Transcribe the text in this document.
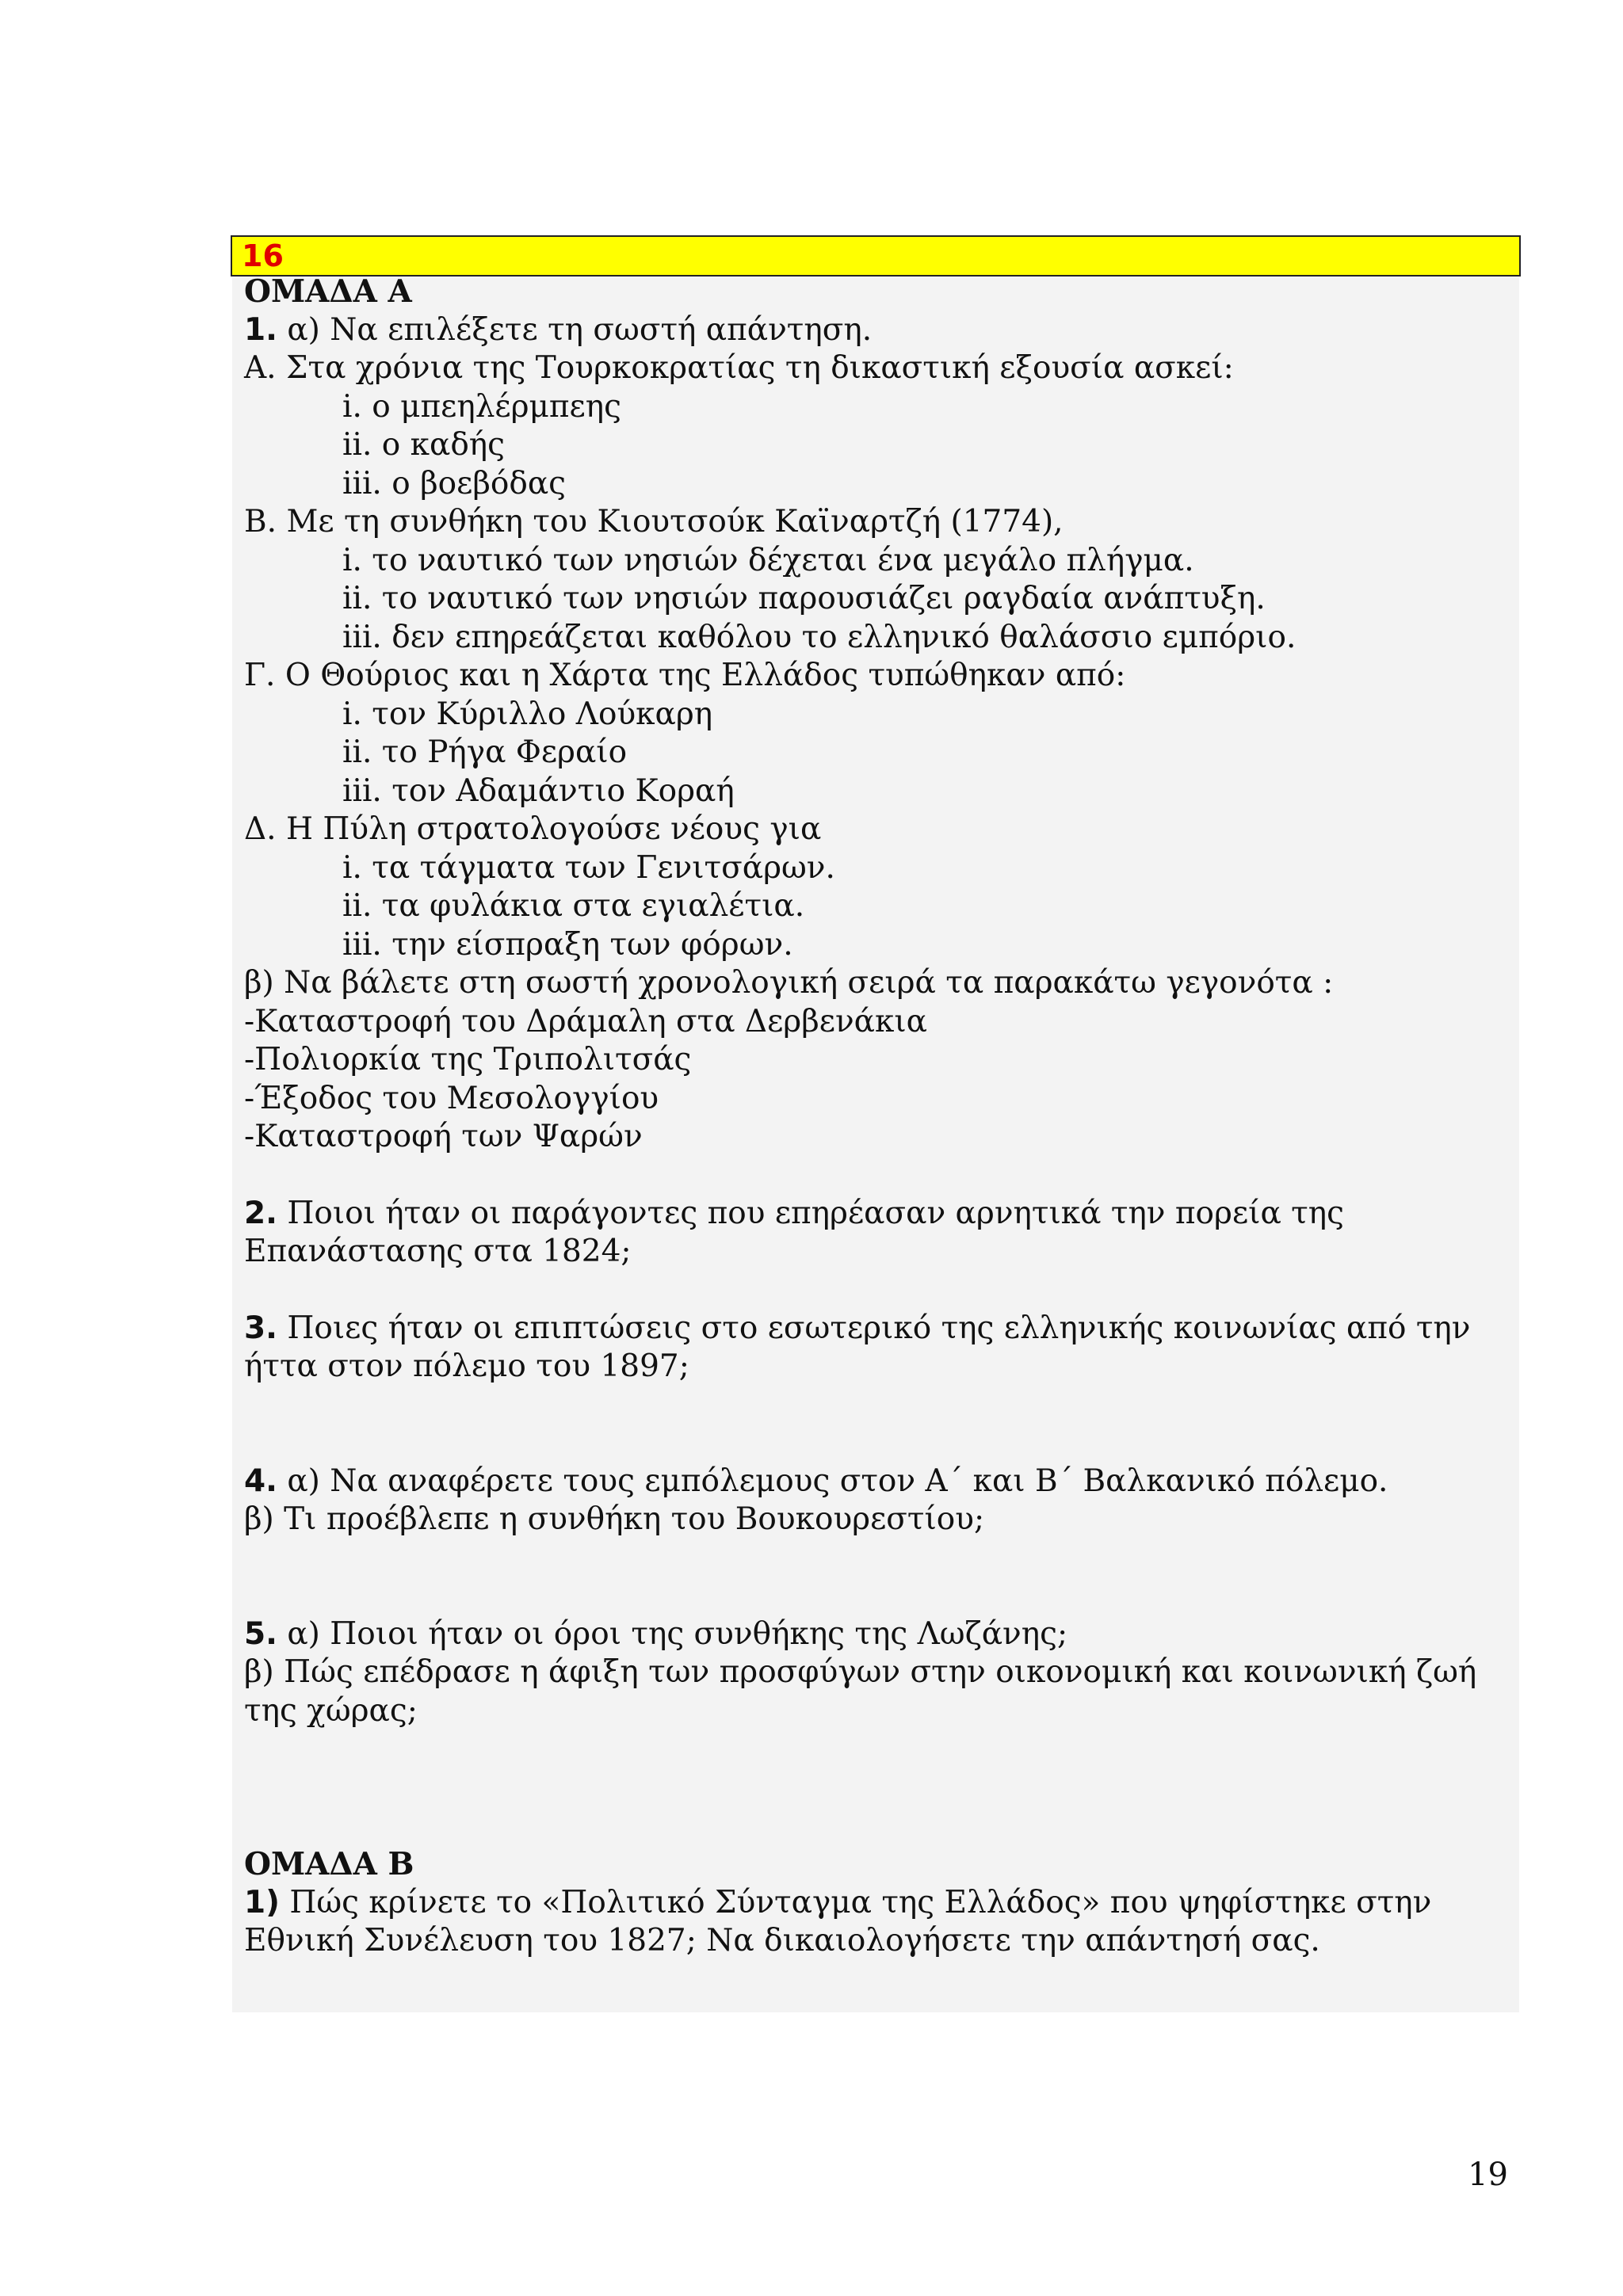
16
ΟΜΑΔΑ Α
1. α) Να επιλέξετε τη σωστή απάντηση.
Α. Στα χρόνια της Τουρκοκρατίας τη δικαστική εξουσία ασκεί:
i. ο μπεηλέρμπεης
ii. ο καδής
iii. ο βοεβόδας
Β. Με τη συνθήκη του Κιουτσούκ Καϊναρτζή (1774),
i. το ναυτικό των νησιών δέχεται ένα μεγάλο πλήγμα.
ii. το ναυτικό των νησιών παρουσιάζει ραγδαία ανάπτυξη.
iii. δεν επηρεάζεται καθόλου το ελληνικό θαλάσσιο εμπόριο.
Γ. Ο Θούριος και η Χάρτα της Ελλάδος τυπώθηκαν από:
i. τον Κύριλλο Λούκαρη
ii. το Ρήγα Φεραίο
iii. τον Αδαμάντιο Κοραή
Δ. Η Πύλη στρατολογούσε νέους για
i. τα τάγματα των Γενιτσάρων.
ii. τα φυλάκια στα εγιαλέτια.
iii. την είσπραξη των φόρων.
β) Να βάλετε στη σωστή χρονολογική σειρά τα παρακάτω γεγονότα :
-Καταστροφή του Δράμαλη στα Δερβενάκια
-Πολιορκία της Τριπολιτσάς
-Έξοδος του Μεσολογγίου
-Καταστροφή των Ψαρών
2. Ποιοι ήταν οι παράγοντες που επηρέασαν αρνητικά την πορεία της Επανάστασης στα 1824;
3. Ποιες ήταν οι επιπτώσεις στο εσωτερικό της ελληνικής κοινωνίας από την ήττα στον πόλεμο του 1897;
4. α) Να αναφέρετε τους εμπόλεμους στον Α΄ και Β΄ Βαλκανικό πόλεμο.
β) Τι προέβλεπε η συνθήκη του Βουκουρεστίου;
5. α) Ποιοι ήταν οι όροι της συνθήκης της Λωζάνης;
β) Πώς επέδρασε η άφιξη των προσφύγων στην οικονομική και κοινωνική ζωή της χώρας;
ΟΜΑΔΑ Β
1) Πώς κρίνετε το «Πολιτικό Σύνταγμα της Ελλάδος» που ψηφίστηκε στην Εθνική Συνέλευση του 1827; Να δικαιολογήσετε την απάντησή σας.
19
